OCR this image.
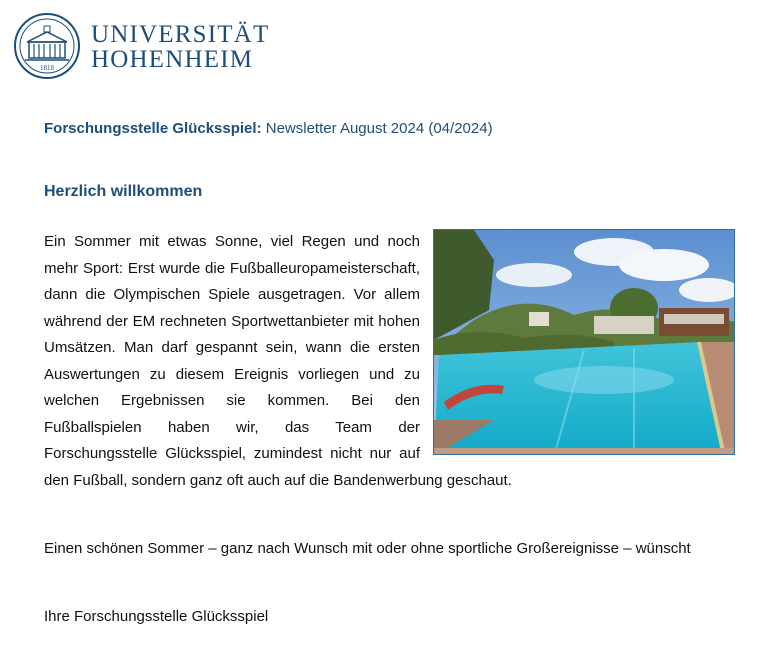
1818
UNIVERSITÄT
HOHENHEIM
Forschungsstelle Glücksspiel: Newsletter August 2024 (04/2024)
Herzlich willkommen

Ein Sommer mit etwas Sonne, viel Regen und noch mehr Sport: Erst wurde die Fußballeuropameisterschaft, dann die Olympischen Spiele ausgetragen. Vor allem während der EM rechneten Sportwettanbieter mit hohen Umsätzen. Man darf gespannt sein, wann die ersten Auswertungen zu diesem Ereignis vorliegen und zu welchen Ergebnissen sie kommen. Bei den Fußballspielen haben wir, das Team der Forschungsstelle Glücksspiel, zumindest nicht nur auf den Fußball, sondern ganz oft auch auf die Bandenwerbung geschaut.

Einen schönen Sommer – ganz nach Wunsch mit oder ohne sportliche Großereignisse – wünscht

Ihre Forschungsstelle Glücksspiel
